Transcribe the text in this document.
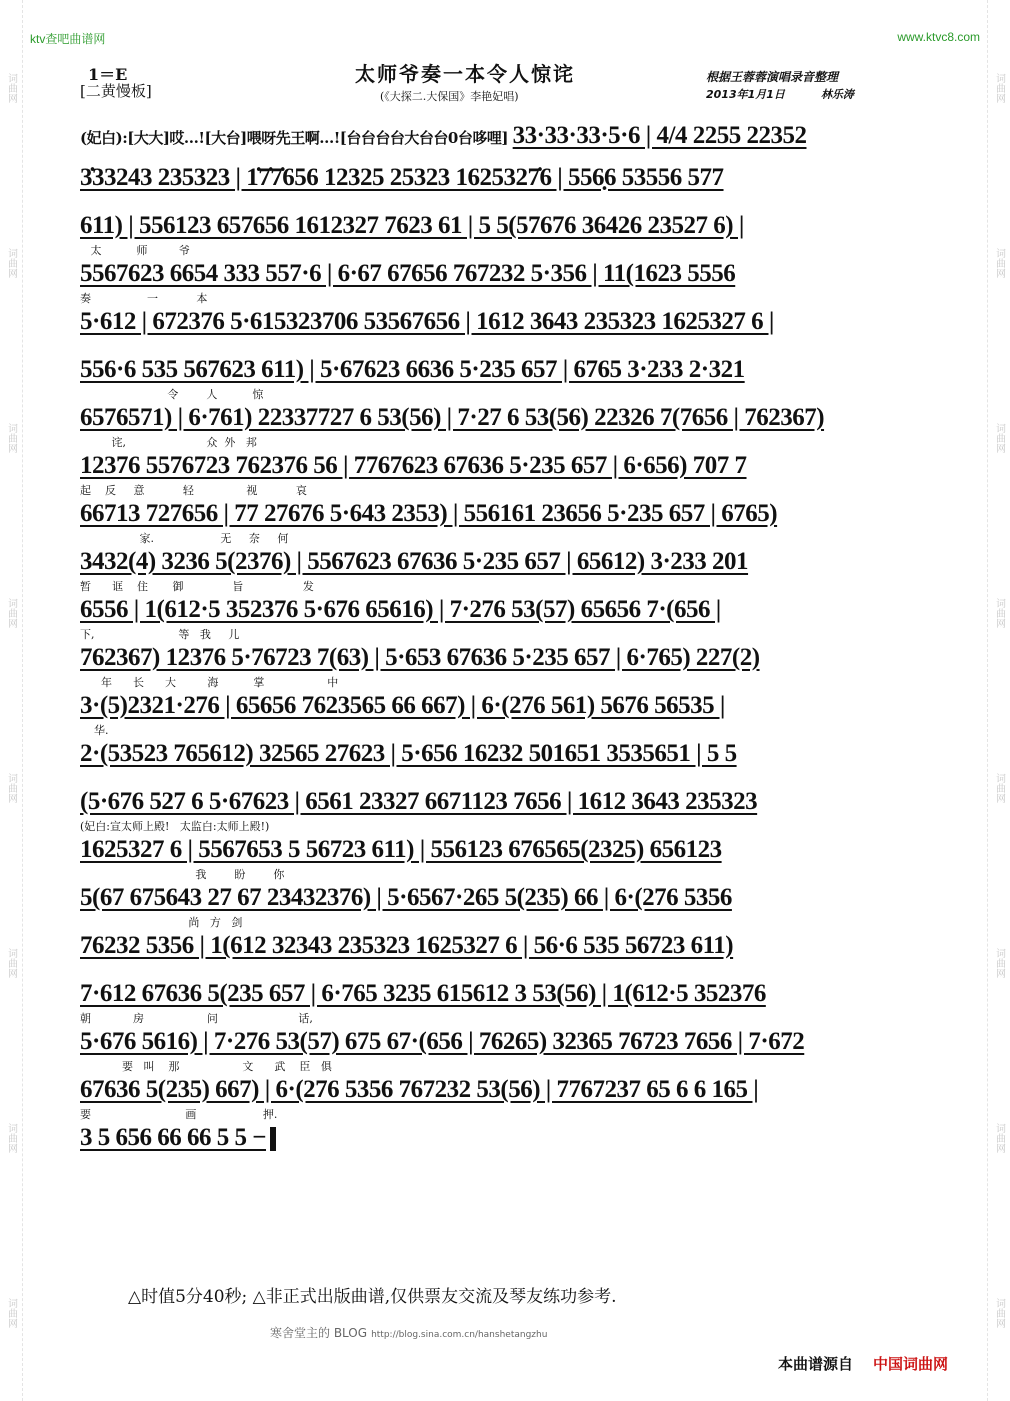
词曲网
词曲网
词曲网
词曲网
词曲网
词曲网
词曲网
词曲网
词曲网
词曲网
词曲网
词曲网
词曲网
词曲网
词曲网
词曲网
ktv查吧曲谱网	www.ktvc8.com
1＝E
[二黄慢板]
太师爷奏一本令人惊诧
(《大探二.大保国》李艳妃唱)
根据王蓉蓉演唱录音整理
2013年1月1日	林乐涛
(妃白):[大大]哎…![大台]喂呀先王啊…![台台台台大台台0台哆哩] 33·33·33·5·6 | 4/4 2255 22352
3̇33243 235323 | 1̇7̇7̇656 12325 25323 1625327̇6 | 556̣6 53556 577
611) | 556123 657656 1612327 7623 61 | 5 5(57676 36426 23527 6) |
太          师         爷
5567623 6654 333 557·6 | 6·67 67656 767232 5·356 | 11(1623 5556
奏                一           本
5·612 | 672376 5·615323706 53567656 | 1612 3643 235323 1625327 6 |
556·6 535 567623 611) | 5·67623 6636 5·235 657 | 6765 3·233 2·321
令        人          惊
6576571) | 6·761) 22337727 6 53(56) | 7·27 6 53(56) 22326 7(7656 | 762367)
诧,                       众  外   邦
12376 5576723 762376 56 | 7767623 67636 5·235 657 | 6·656) 707 7
起    反     意           轻               视           哀
66713 727656 | 77 27676 5·643 2353) | 556161 23656 5·235 657 | 6765)
家.                   无     奈     何
3432(4) 3236 5(2376) | 5567623 67636 5·235 657 | 65612) 3·233 201
暂      诓    住       御              旨                 发
6556 | 1(612·5 352376 5·676 65616) | 7·276 53(57) 65656 7·(656 |
下,                        等   我     儿
762367) 12376 5·76723 7(63) | 5·653 67636 5·235 657 | 6·765) 227(2)
年      长      大         海          掌                  中
3·(5)2321·276 | 65656 7623565 66 667) | 6·(276 561) 5676 56535 |
华.
2·(53523 765612) 32565 27623 | 5·656 16232 501651 3535651 | 5 5
(5·676 527 6 5·67623 | 6561 23327 6671123 7656 | 1612 3643 235323
(妃白:宣太师上殿!   太监白:太师上殿!)
1625327 6 | 5567653 5 56723 611) | 556123 676565(2325) 656123
我        盼        你
5(67 675643 27 67 23432376) | 5·6567·265 5(235) 66 | 6·(276 5356
尚   方   剑
76232 5356 | 1(612 32343 235323 1625327 6 | 56·6 535 56723 611)
7·612 67636 5(235 657 | 6·765 3235 615612 3 53(56) | 1(612·5 352376
朝            房                  问                       话,
5·676 5616) | 7·276 53(57) 675 67·(656 | 76265) 32365 76723 7656 | 7·672
要   叫    那                  文      武    臣   俱
67636 5(235) 667) | 6·(276 5356 767232 53(56) | 7767237 65 6 6 165 |
要                           画                   押.
3 5 656 66 66 5 5 −
△时值5分40秒; △非正式出版曲谱,仅供票友交流及琴友练功参考.
寒舍堂主的 BLOG http://blog.sina.com.cn/hanshetangzhu
本曲谱源自 中国词曲网
